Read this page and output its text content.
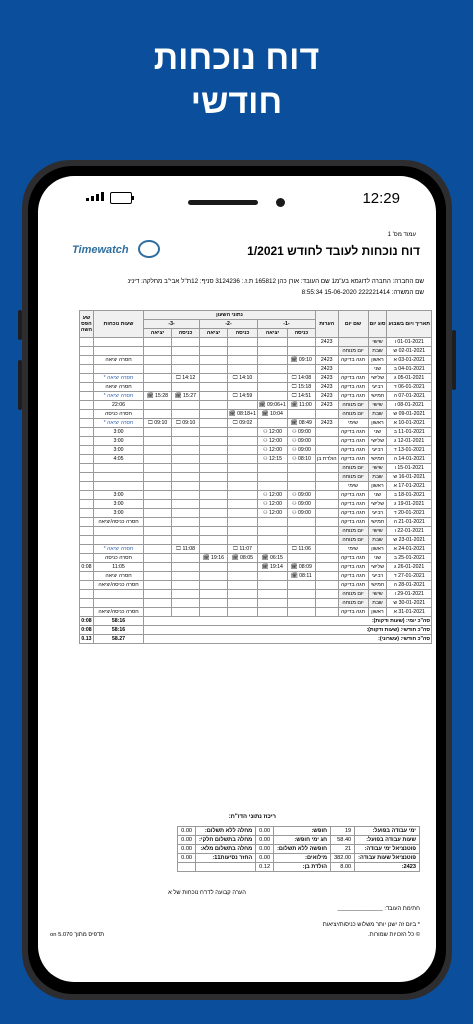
דוח נוכחות
חודשי
12:29
עמוד מס' 1
דוח נוכחות לעובד לחודש 1/2021
Timewatch
שם החברה: החברה לדוגמא בע"מ1 שם העובד: אורן כהן 165812 ת.ז.: 3124236 סניף: 12ת"ל אבי"ב מחלקה: דינינ
שם המשרה: 222221414 15-06-2020 8:55:34
תאריך ויום בשבוע	סוג יום	שם יום	הערות	נתוני השעון						שעות נוכחות	שע
הפס
השה
				-1-		-2-		-3-			
				כניסה	יציאה	כניסה	יציאה	כניסה	יציאה		
01-01-2021 ו	שישי		2423								
02-01-2021 ש	שבת	יום מנוחה									
03-01-2021 א	ראשון	חגה בדיקה	2423	09:10 🗓						חסרה יציאה	
04-01-2021 ב	שני		2423								
05-01-2021 ג	שלישי	חגה בדיקה	2423	14:08 🖵		14:10 🖵		14:12 🖵		חסרה יציאה *	
06-01-2021 ד	רביעי	חגה בדיקה	2423	15:18 🖵						חסרה יציאה	
07-01-2021 ה	חמישי	חגה בדיקה	2423	14:51 🖵		14:59 🖵		15:27 🗓	15:28 🗓	חסרה יציאה *	
08-01-2021 ו	שישי	יום מנוחה	2423	11:00 🗓	09:06+1 🗓					22:06	
09-01-2021 ש	שבת	יום מנוחה			10:04 🗓	08:18+1 🗓				חסרה כניסה	
10-01-2021 א	ראשון	שימי	2423	08:49 🗓		09:02 🖵		09:10 🖵	09:10 🖵	חסרה יציאה *	
11-01-2021 ב	שני	חגה בדיקה		09:00 ⚇	12:00 ⚇					3:00	
12-01-2021 ג	שלישי	חגה בדיקה		09:00 ⚇	12:00 ⚇					3:00	
13-01-2021 ד	רביעי	חגה בדיקה		09:00 ⚇	12:00 ⚇					3:00	
14-01-2021 ה	חמישי	חגה בדיקה	הולדת בן	08:10 ⚇	12:15 ⚇					4:05	
15-01-2021 ו	שישי	יום מנוחה									
16-01-2021 ש	שבת	יום מנוחה									
17-01-2021 א	ראשון	שימי									
18-01-2021 ב	שני	חגה בדיקה		09:00 ⚇	12:00 ⚇					3:00	
19-01-2021 ג	שלישי	חגה בדיקה		09:00 ⚇	12:00 ⚇					3:00	
20-01-2021 ד	רביעי	חגה בדיקה		09:00 ⚇	12:00 ⚇					3:00	
21-01-2021 ה	חמישי	חגה בדיקה								חסרה כניסה/יציאה	
22-01-2021 ו	שישי	יום מנוחה									
23-01-2021 ש	שבת	יום מנוחה									
24-01-2021 א	ראשון	שימי		11:06 🖵		11:07 🖵		11:08 🖵		חסרה יציאה *	
25-01-2021 ב	שני	חגה בדיקה			06:15 🗓	08:05 🗓	19:16 🗓			חסרה כניסה	
26-01-2021 ג	שלישי	חגה בדיקה		08:09 🗓	19:14 🗓					11:05	0:08
27-01-2021 ד	רביעי	חגה בדיקה		08:11 🗓						חסרה יציאה	
28-01-2021 ה	חמישי	חגה בדיקה								חסרה כניסה/יציאה	
29-01-2021 ו	שישי	יום מנוחה									
30-01-2021 ש	שבת	יום מנוחה									
31-01-2021 א	ראשון	חגה בדיקה								חסרה כניסה/יציאה	
סה"כ יומי: (שעות ודקות):										58:16	0:08
סה"כ חודשי: (שעות ודקות):										58:16	0:08
סה"כ חודשי: (עשרוני):										58.27	0.13
ריכוז נתוני הדו"ח:
ימי עבודה בפועל:	19	חופש:	0.00	מחלה ללא תשלום:	0.00
שעות עבודה בפועל:	58.40	חג ימי חופש:	0.00	מחלה בתשלום חלקי:	0.00
פוטנציאל ימי עבודה:	21	חופשה ללא תשלום:	0.00	מחלה בתשלום מלא:	0.00
פוטנציאל שעות עבודה:	382.00	מילואים:	0.00	החזר נסיעות11:	0.00
2423:	8.00	הולדת בן:	0.12		
הערה קבועה לדו"ח נוכחות של א
חתימת העובד: ______________
* ביום זה ישנן יותר משלוש כניסות/יציאות
© כל הזכויות שמורות.
תדפיס מתוך 5.070 on
